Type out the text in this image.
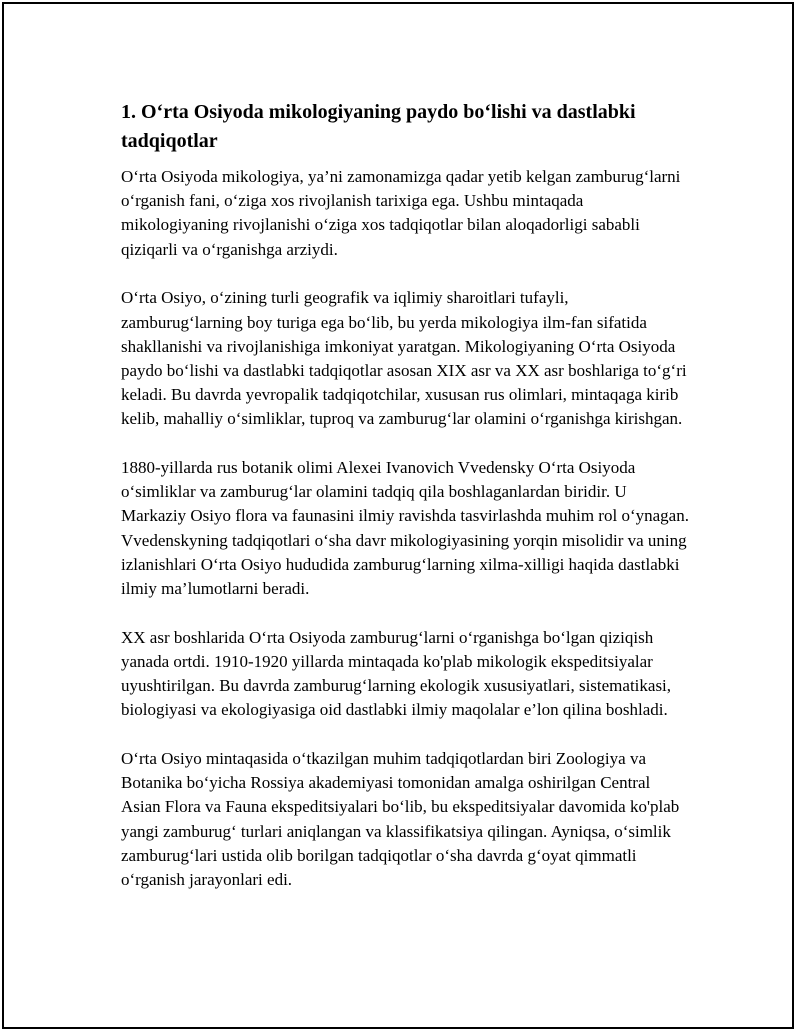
1. O‘rta Osiyoda mikologiyaning paydo bo‘lishi va dastlabki tadqiqotlar

O‘rta Osiyoda mikologiya, ya’ni zamonamizga qadar yetib kelgan zamburug‘larni o‘rganish fani, o‘ziga xos rivojlanish tarixiga ega. Ushbu mintaqada mikologiyaning rivojlanishi o‘ziga xos tadqiqotlar bilan aloqadorligi sababli qiziqarli va o‘rganishga arziydi.

O‘rta Osiyo, o‘zining turli geografik va iqlimiy sharoitlari tufayli, zamburug‘larning boy turiga ega bo‘lib, bu yerda mikologiya ilm-fan sifatida shakllanishi va rivojlanishiga imkoniyat yaratgan. Mikologiyaning O‘rta Osiyoda paydo bo‘lishi va dastlabki tadqiqotlar asosan XIX asr va XX asr boshlariga to‘g‘ri keladi. Bu davrda yevropalik tadqiqotchilar, xususan rus olimlari, mintaqaga kirib kelib, mahalliy o‘simliklar, tuproq va zamburug‘lar olamini o‘rganishga kirishgan.

1880-yillarda rus botanik olimi Alexei Ivanovich Vvedensky O‘rta Osiyoda o‘simliklar va zamburug‘lar olamini tadqiq qila boshlaganlardan biridir. U Markaziy Osiyo flora va faunasini ilmiy ravishda tasvirlashda muhim rol o‘ynagan. Vvedenskyning tadqiqotlari o‘sha davr mikologiyasining yorqin misolidir va uning izlanishlari O‘rta Osiyo hududida zamburug‘larning xilma-xilligi haqida dastlabki ilmiy ma’lumotlarni beradi.

XX asr boshlarida O‘rta Osiyoda zamburug‘larni o‘rganishga bo‘lgan qiziqish yanada ortdi. 1910-1920 yillarda mintaqada ko'plab mikologik ekspeditsiyalar uyushtirilgan. Bu davrda zamburug‘larning ekologik xususiyatlari, sistematikasi, biologiyasi va ekologiyasiga oid dastlabki ilmiy maqolalar e’lon qilina boshladi.

O‘rta Osiyo mintaqasida o‘tkazilgan muhim tadqiqotlardan biri Zoologiya va Botanika bo‘yicha Rossiya akademiyasi tomonidan amalga oshirilgan Central Asian Flora va Fauna ekspeditsiyalari bo‘lib, bu ekspeditsiyalar davomida ko'plab yangi zamburug‘ turlari aniqlangan va klassifikatsiya qilingan. Ayniqsa, o‘simlik zamburug‘lari ustida olib borilgan tadqiqotlar o‘sha davrda g‘oyat qimmatli o‘rganish jarayonlari edi.
